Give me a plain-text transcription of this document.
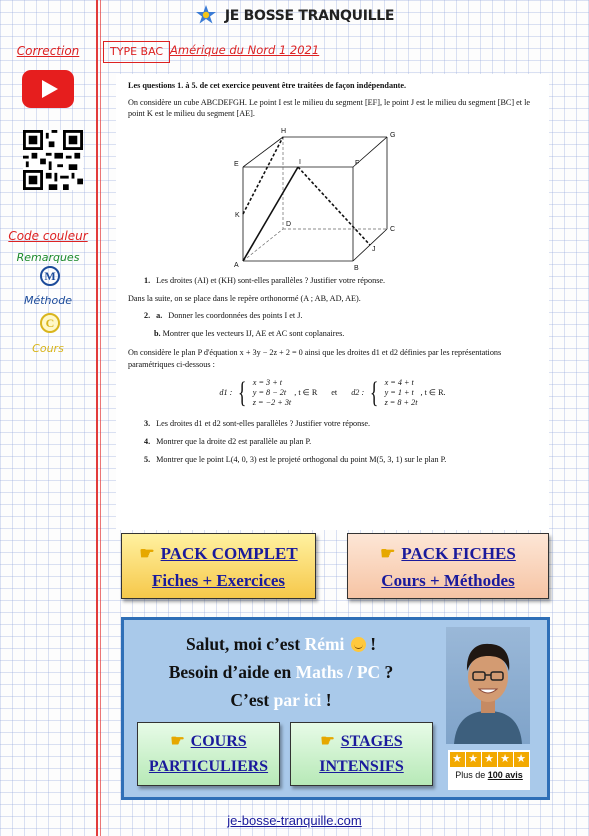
JE BOSSE TRANQUILLE
Correction
Code couleur
Remarques
M
Méthode
C
Cours
TYPE BAC Amérique du Nord 1 2021

Les questions 1. à 5. de cet exercice peuvent être traitées de façon indépendante.

On considère un cube ABCDEFGH. Le point I est le milieu du segment [EF], le point J est le milieu du segment [BC] et le point K est le milieu du segment [AE].

A	B
C
D
E	F
G
H
I
J
K
1. Les droites (AI) et (KH) sont-elles parallèles ? Justifier votre réponse.

Dans la suite, on se place dans le repère orthonormé (A ; AB, AD, AE).

2. a. Donner les coordonnées des points I et J.
b. Montrer que les vecteurs IJ, AE et AC sont coplanaires.

On considère le plan P d'équation x + 3y − 2z + 2 = 0 ainsi que les droites d1 et d2 définies par les représentations paramétriques ci-dessous :

d1 : { x = 3 + t
y = 8 − 2t
z = −2 + 3t
, t ∈ R et d2 : { x = 4 + t
y = 1 + t
z = 8 + 2t
, t ∈ R.
3. Les droites d1 et d2 sont-elles parallèles ? Justifier votre réponse.
4. Montrer que la droite d2 est parallèle au plan P.
5. Montrer que le point L(4, 0, 3) est le projeté orthogonal du point M(5, 3, 1) sur le plan P.
☛ PACK COMPLET
Fiches + Exercices
☛ PACK FICHES
Cours + Méthodes
Salut, moi c’est Rémi !
Besoin d’aide en Maths / PC ?
C’est par ici !
★ ★ ★ ★ ★
Plus de 100 avis
☛ COURS
PARTICULIERS
☛ STAGES
INTENSIFS
je-bosse-tranquille.com
